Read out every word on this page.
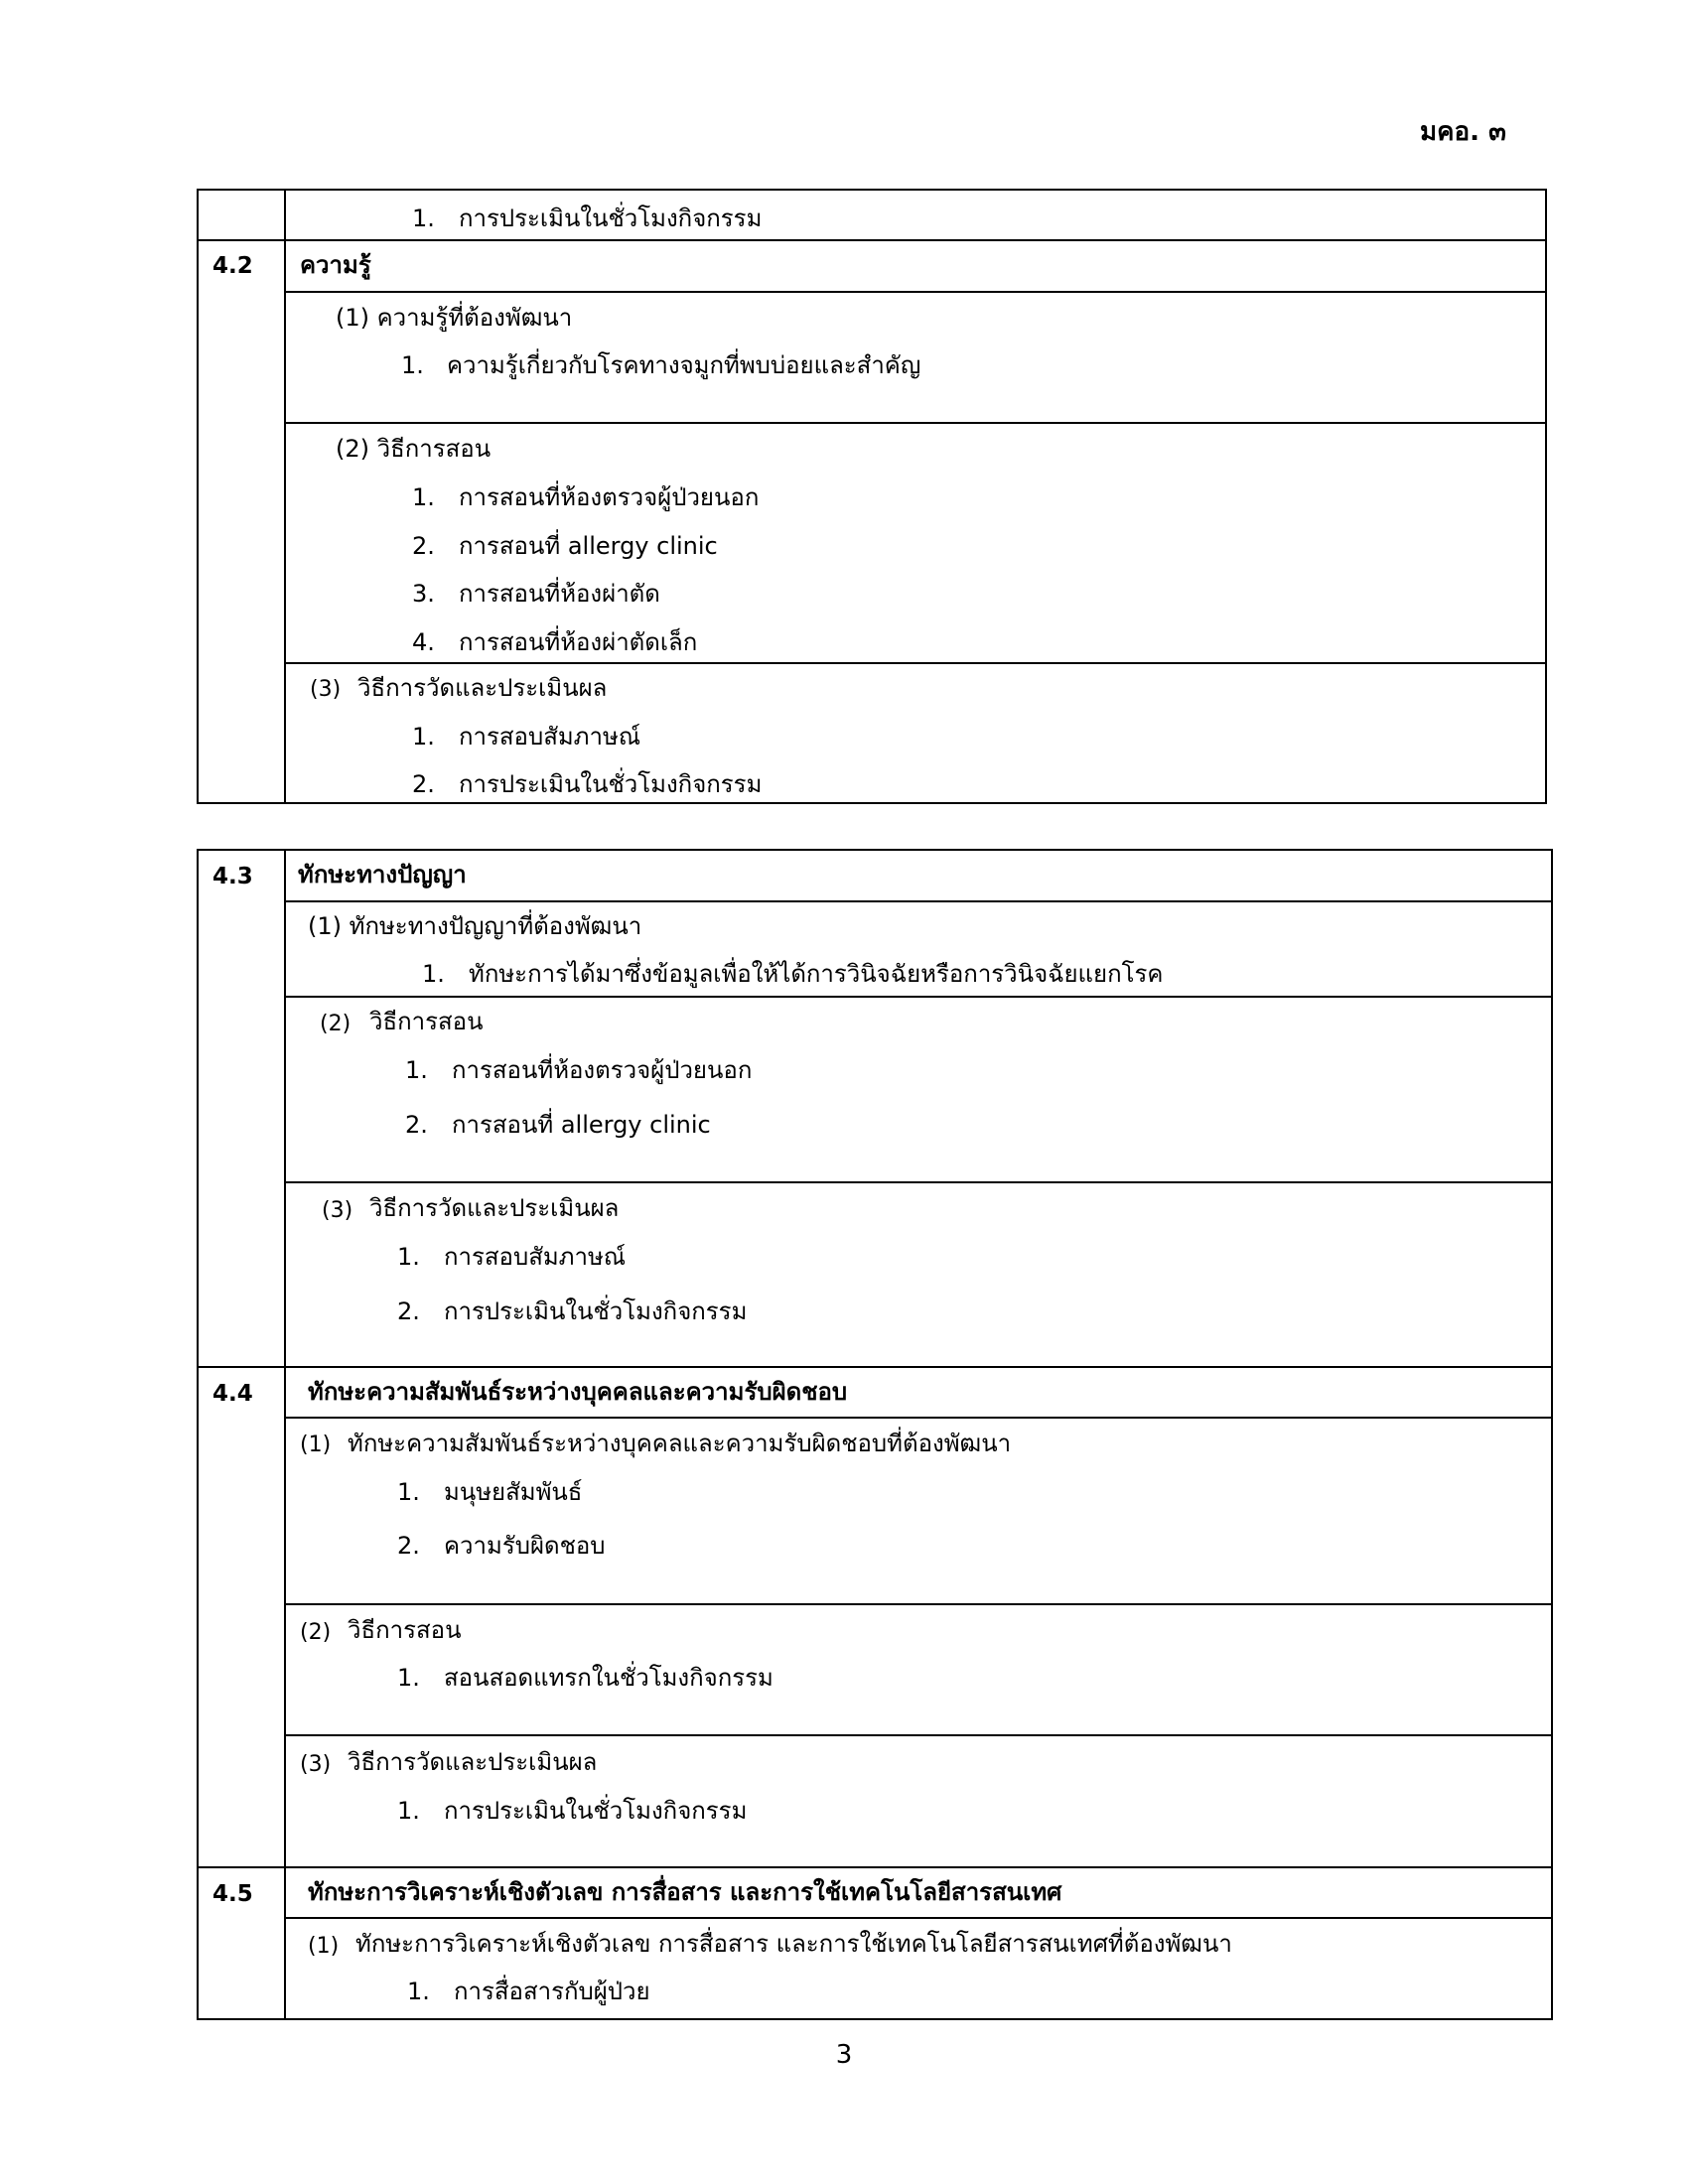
มคอ. ๓
1. การประเมินในชั่วโมงกิจกรรม
4.2 ความรู้
(1) ความรู้ที่ต้องพัฒนา
1. ความรู้เกี่ยวกับโรคทางจมูกที่พบบ่อยและสำคัญ
(2) วิธีการสอน
1. การสอนที่ห้องตรวจผู้ป่วยนอก
2. การสอนที่ allergy clinic
3. การสอนที่ห้องผ่าตัด
4. การสอนที่ห้องผ่าตัดเล็ก
(3) วิธีการวัดและประเมินผล
1. การสอบสัมภาษณ์
2. การประเมินในชั่วโมงกิจกรรม
4.3 ทักษะทางปัญญา
(1) ทักษะทางปัญญาที่ต้องพัฒนา
1. ทักษะการได้มาซึ่งข้อมูลเพื่อให้ได้การวินิจฉัยหรือการวินิจฉัยแยกโรค
(2) วิธีการสอน
1. การสอนที่ห้องตรวจผู้ป่วยนอก
2. การสอนที่ allergy clinic
(3) วิธีการวัดและประเมินผล
1. การสอบสัมภาษณ์
2. การประเมินในชั่วโมงกิจกรรม
4.4 ทักษะความสัมพันธ์ระหว่างบุคคลและความรับผิดชอบ
(1) ทักษะความสัมพันธ์ระหว่างบุคคลและความรับผิดชอบที่ต้องพัฒนา
1. มนุษยสัมพันธ์
2. ความรับผิดชอบ
(2) วิธีการสอน
1. สอนสอดแทรกในชั่วโมงกิจกรรม
(3) วิธีการวัดและประเมินผล
1. การประเมินในชั่วโมงกิจกรรม
4.5 ทักษะการวิเคราะห์เชิงตัวเลข การสื่อสาร และการใช้เทคโนโลยีสารสนเทศ
(1) ทักษะการวิเคราะห์เชิงตัวเลข การสื่อสาร และการใช้เทคโนโลยีสารสนเทศที่ต้องพัฒนา
1. การสื่อสารกับผู้ป่วย
3
